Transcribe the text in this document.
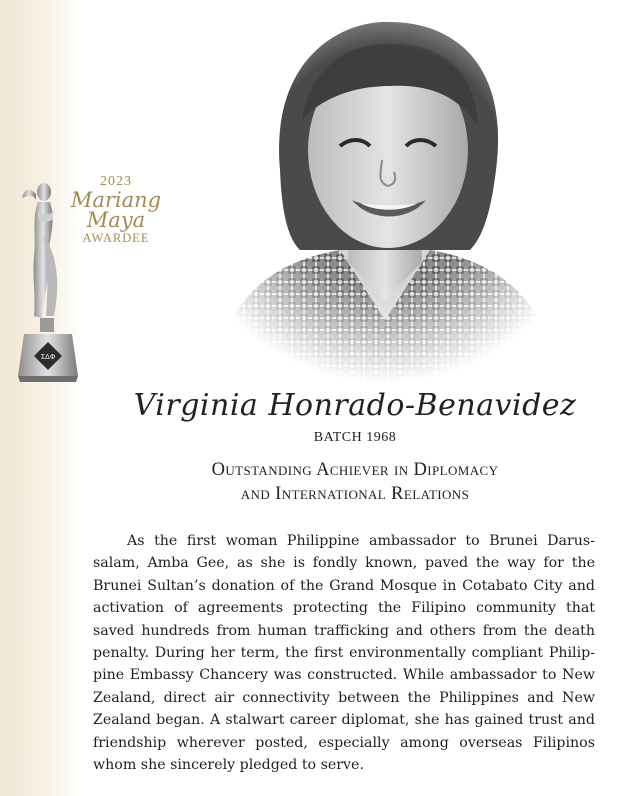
ΣΔΦ
2023
Mariang
Maya
AWARDEE
Virginia Honrado-Benavidez
BATCH 1968
Outstanding Achiever in Diplomacy
and International Relations
As the first woman Philippine ambassador to Brunei Darus-
salam, Amba Gee, as she is fondly known, paved the way for the
Brunei Sultan’s donation of the Grand Mosque in Cotabato City and
activation of agreements protecting the Filipino community that
saved hundreds from human trafficking and others from the death
penalty. During her term, the first environmentally compliant Philip-
pine Embassy Chancery was constructed. While ambassador to New
Zealand, direct air connectivity between the Philippines and New
Zealand began. A stalwart career diplomat, she has gained trust and
friendship wherever posted, especially among overseas Filipinos
whom she sincerely pledged to serve.
